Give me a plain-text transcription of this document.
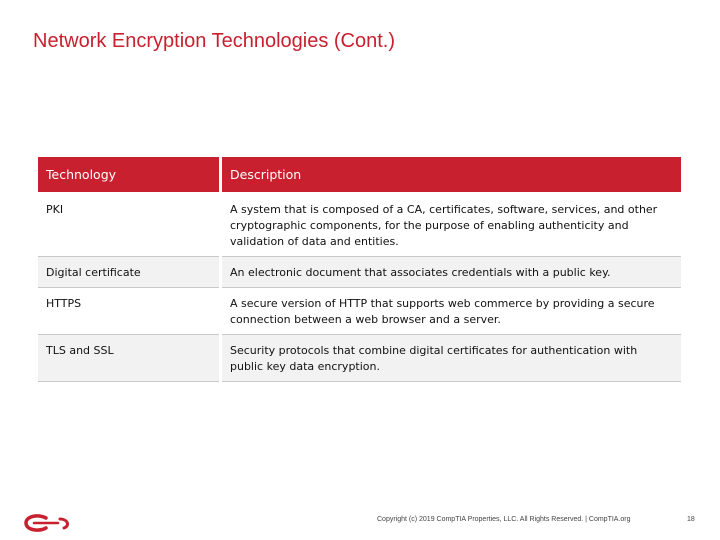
Network Encryption Technologies (Cont.)
Technology	Description
PKI	A system that is composed of a CA, certificates, software, services, and other cryptographic components, for the purpose of enabling authenticity and validation of data and entities.
Digital certificate	An electronic document that associates credentials with a public key.
HTTPS	A secure version of HTTP that supports web commerce by providing a secure connection between a web browser and a server.
TLS and SSL	Security protocols that combine digital certificates for authentication with public key data encryption.
Copyright (c) 2019 CompTIA Properties, LLC. All Rights Reserved. | CompTIA.org	18
